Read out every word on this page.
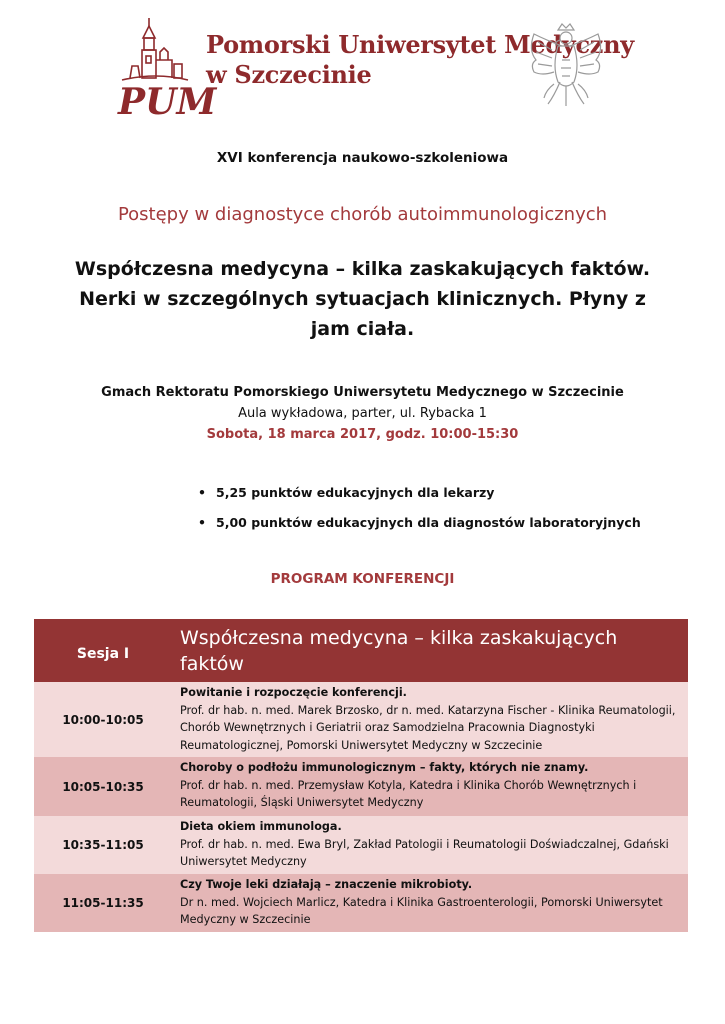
PUM
Pomorski Uniwersytet Medyczny
w Szczecinie
XVI konferencja naukowo-szkoleniowa
Postępy w diagnostyce chorób autoimmunologicznych
Współczesna medycyna – kilka zaskakujących faktów. Nerki w szczególnych sytuacjach klinicznych. Płyny z jam ciała.
Gmach Rektoratu Pomorskiego Uniwersytetu Medycznego w Szczecinie
Aula wykładowa, parter, ul. Rybacka 1
Sobota, 18 marca 2017, godz. 10:00-15:30
• 5,25 punktów edukacyjnych dla lekarzy
• 5,00 punktów edukacyjnych dla diagnostów laboratoryjnych
PROGRAM KONFERENCJI
Sesja I
Współczesna medycyna – kilka zaskakujących faktów
10:00-10:05
Powitanie i rozpoczęcie konferencji.
Prof. dr hab. n. med. Marek Brzosko, dr n. med. Katarzyna Fischer - Klinika Reumatologii, Chorób Wewnętrznych i Geriatrii oraz Samodzielna Pracownia Diagnostyki Reumatologicznej, Pomorski Uniwersytet Medyczny w Szczecinie
10:05-10:35
Choroby o podłożu immunologicznym – fakty, których nie znamy.
Prof. dr hab. n. med. Przemysław Kotyla, Katedra i Klinika Chorób Wewnętrznych i Reumatologii, Śląski Uniwersytet Medyczny
10:35-11:05
Dieta okiem immunologa.
Prof. dr hab. n. med. Ewa Bryl, Zakład Patologii i Reumatologii Doświadczalnej, Gdański Uniwersytet Medyczny
11:05-11:35
Czy Twoje leki działają – znaczenie mikrobioty.
Dr n. med. Wojciech Marlicz, Katedra i Klinika Gastroenterologii, Pomorski Uniwersytet Medyczny w Szczecinie
